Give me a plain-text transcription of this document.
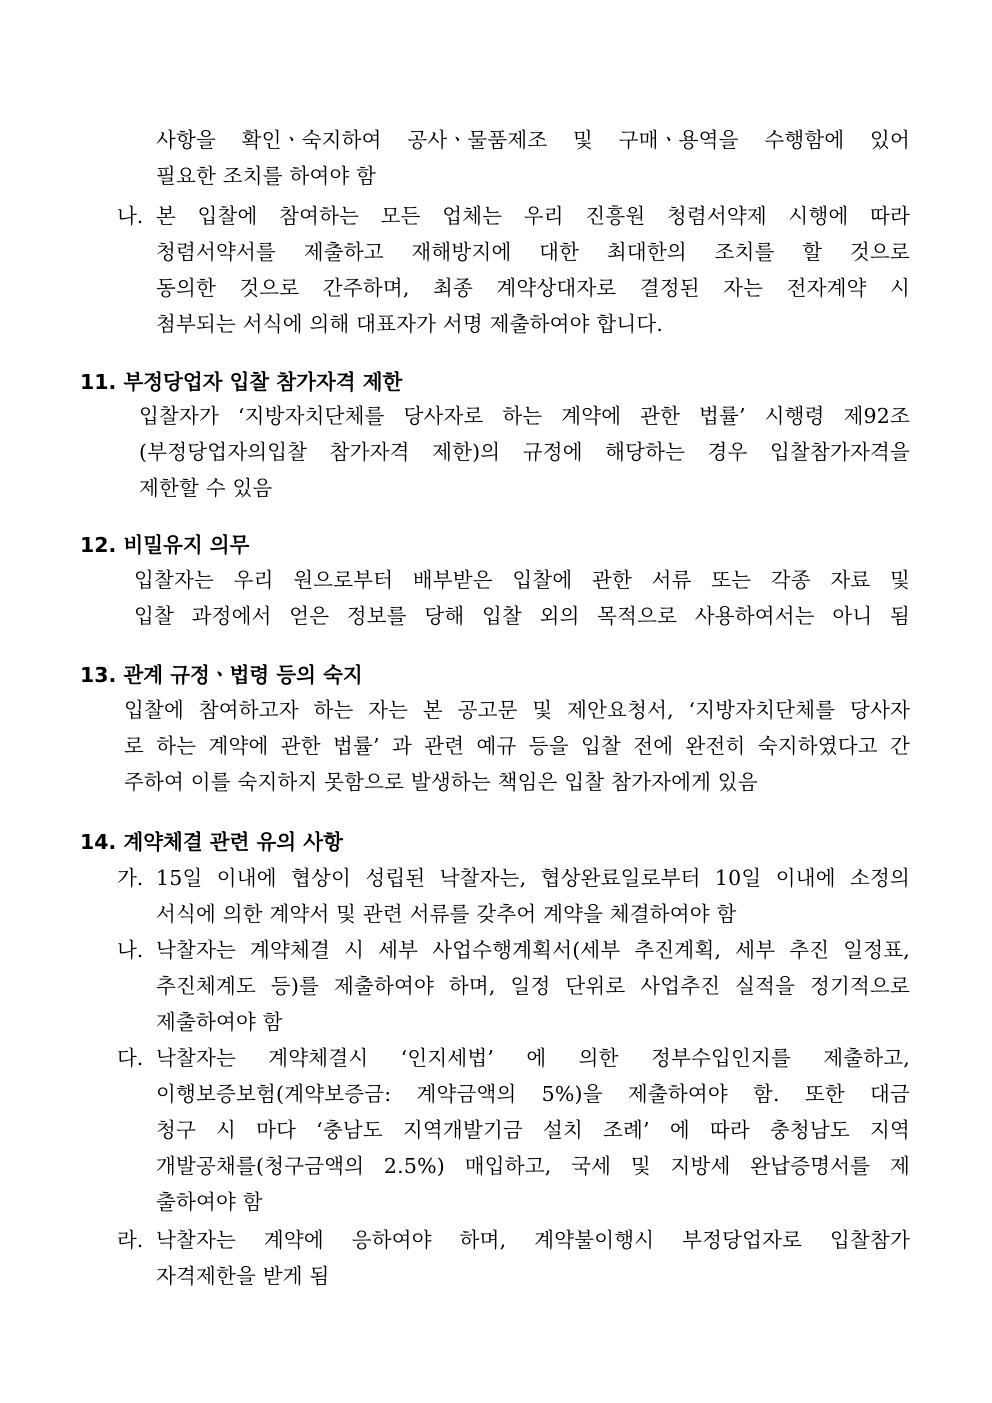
사항을 확인ㆍ숙지하여 공사ㆍ물품제조 및 구매ㆍ용역을 수행함에 있어
필요한 조치를 하여야 함
나. 본 입찰에 참여하는 모든 업체는 우리 진흥원 청렴서약제 시행에 따라
청렴서약서를 제출하고 재해방지에 대한 최대한의 조치를 할 것으로
동의한 것으로 간주하며, 최종 계약상대자로 결정된 자는 전자계약 시
첨부되는 서식에 의해 대표자가 서명 제출하여야 합니다.
11. 부정당업자 입찰 참가자격 제한
입찰자가 ‘지방자치단체를 당사자로 하는 계약에 관한 법률’ 시행령 제92조
(부정당업자의입찰 참가자격 제한)의 규정에 해당하는 경우 입찰참가자격을
제한할 수 있음
12. 비밀유지 의무
입찰자는 우리 원으로부터 배부받은 입찰에 관한 서류 또는 각종 자료 및
입찰 과정에서 얻은 정보를 당해 입찰 외의 목적으로 사용하여서는 아니 됨
13. 관계 규정ㆍ법령 등의 숙지
입찰에 참여하고자 하는 자는 본 공고문 및 제안요청서, ‘지방자치단체를 당사자
로 하는 계약에 관한 법률’ 과 관련 예규 등을 입찰 전에 완전히 숙지하였다고 간
주하여 이를 숙지하지 못함으로 발생하는 책임은 입찰 참가자에게 있음
14. 계약체결 관련 유의 사항
가. 15일 이내에 협상이 성립된 낙찰자는, 협상완료일로부터 10일 이내에 소정의
서식에 의한 계약서 및 관련 서류를 갖추어 계약을 체결하여야 함
나. 낙찰자는 계약체결 시 세부 사업수행계획서(세부 추진계획, 세부 추진 일정표,
추진체계도 등)를 제출하여야 하며, 일정 단위로 사업추진 실적을 정기적으로
제출하여야 함
다. 낙찰자는 계약체결시 ‘인지세법’ 에 의한 정부수입인지를 제출하고,
이행보증보험(계약보증금: 계약금액의 5%)을 제출하여야 함. 또한 대금
청구 시 마다 ‘충남도 지역개발기금 설치 조례’ 에 따라 충청남도 지역
개발공채를(청구금액의 2.5%) 매입하고, 국세 및 지방세 완납증명서를 제
출하여야 함
라. 낙찰자는 계약에 응하여야 하며, 계약불이행시 부정당업자로 입찰참가
자격제한을 받게 됨
